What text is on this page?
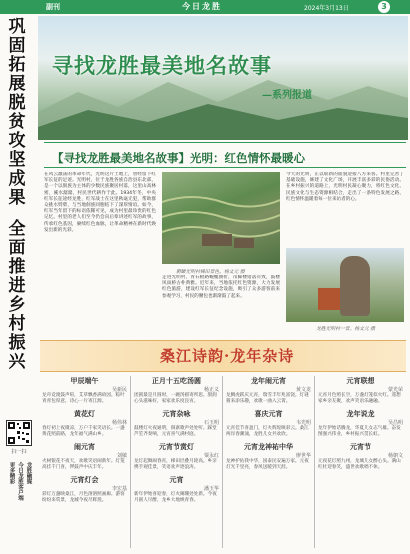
副刊	今日龙胜	2024年3月13日	3
巩
固
拓
展
脱
贫
攻
坚
成
果

全
面
推
进
乡
村
振
兴
扫一扫
更多精彩 今日龙胜客户端 龙胜融媒
寻找龙胜最美地名故事
—系列报道
【寻找龙胜最美地名故事】光明：红色情怀最暖心
在风云激荡的革命年代，光明这片土地上，曾经留下红军长征的足迹。光明村，位于龙胜各族自治县东北部，是一个以侗族为主体的少数民族聚居村落，这里山高林密，溪水潺潺，村民世代耕作于此。1934年冬，中央红军长征途经龙胜，红军战士在这里秋毫无犯，帮助群众挑水劈柴，与当地侗族同胞结下了深厚情谊。如今，红军当年留下的标语依稀可见，成为村里最珍贵的红色记忆。村里的老人们至今仍会向后辈讲述红军的故事，传承红色基因，赓续红色血脉，让革命精神在新时代焕发出新的光彩。
俯瞰光明村梯田景色。杨文元 摄
走进光明村，青石板路蜿蜒曲折，吊脚楼错落有致，鼓楼风雨桥古朴典雅。近年来，当地依托红色资源，大力发展红色旅游，建设红军长征纪念设施，吸引了众多游客前来参观学习，村民的腰包也渐渐鼓了起来。
今天的光明，正以崭新的面貌迎接八方来客。村里完善了基础设施，修建了文化广场，开展丰富多彩的民俗活动。在乡村振兴的道路上，光明村民凝心聚力，将红色文化、民族文化与生态资源相结合，走出了一条特色发展之路，红色情怀温暖着每一位来访者的心。
龙胜光明村一景。杨文元 摄
桑江诗韵·龙年杂诗
甲辰端午
吴新民
龙舟竞渡鼓声喧，艾草飘香满故园。粽叶青青包厚意，诗心一片寄江源。
黄花灯
杨伟林
春灯初上夜微凉，万户千家笑语长。一盏黄花照前路，龙年福气满山乡。
闹元宵
刘敏
火树银花不夜天，欢歌笑语闹新年。灯笼高挂千门喜，锣鼓声中庆丰年。
元宵灯会
李宏基
彩灯万盏映桑江，月色溶溶照画廊。游客纷纷来赏景，龙城今夜尽辉煌。
正月十五吃汤圆
杨正义
团圆最是月圆时，一碗汤圆寄所思。甜润心头滋味好，家家欢乐度良宵。
元宵杂咏
石玉明
鼓楼灯火夜通明，侗寨歌声处处听。踩堂芦笙齐奏响，元宵喜气满村庭。
元宵节赏灯
粟永红
龙灯起舞闹春宵，梯田层叠月轮高。乡亲携手观佳景，笑语欢声逐浪涛。
元宵
潘玉华
新年伊始喜迎春，灯火阑珊处处新。今夜月圆人尽醉，龙乡大地焕青春。
龙年闹元宵
黄文龙
龙腾虎跃庆元宵，瑞雪丰年兆富饶。灯谜猜来添乐趣，欢歌一曲入云霄。
喜庆元宵
韦光明
元宵佳节喜盈门，灯火辉煌映彩云。桑江两岸春潮涌，龙胜儿女共欢欣。
元宵龙神祐中华
廖世华
龙神护佑我中华，国泰民安遍万家。元夜灯光千里亮，春风送暖到天涯。
元宵联想
蒙光荣
元宵月色照长空，万盏灯笼似火红。遥想家乡亲友聚，欢声笑语乐融融。
龙年说龙
吴昌明
龙年伊始话腾龙，华夏儿女志气雄。奋发图强兴伟业，乡村振兴贯长虹。
元宵节
杨朝文
元夜花灯照九州，龙城儿女醉心头。满山红杜迎春笑，盛世欢歌唱不休。
